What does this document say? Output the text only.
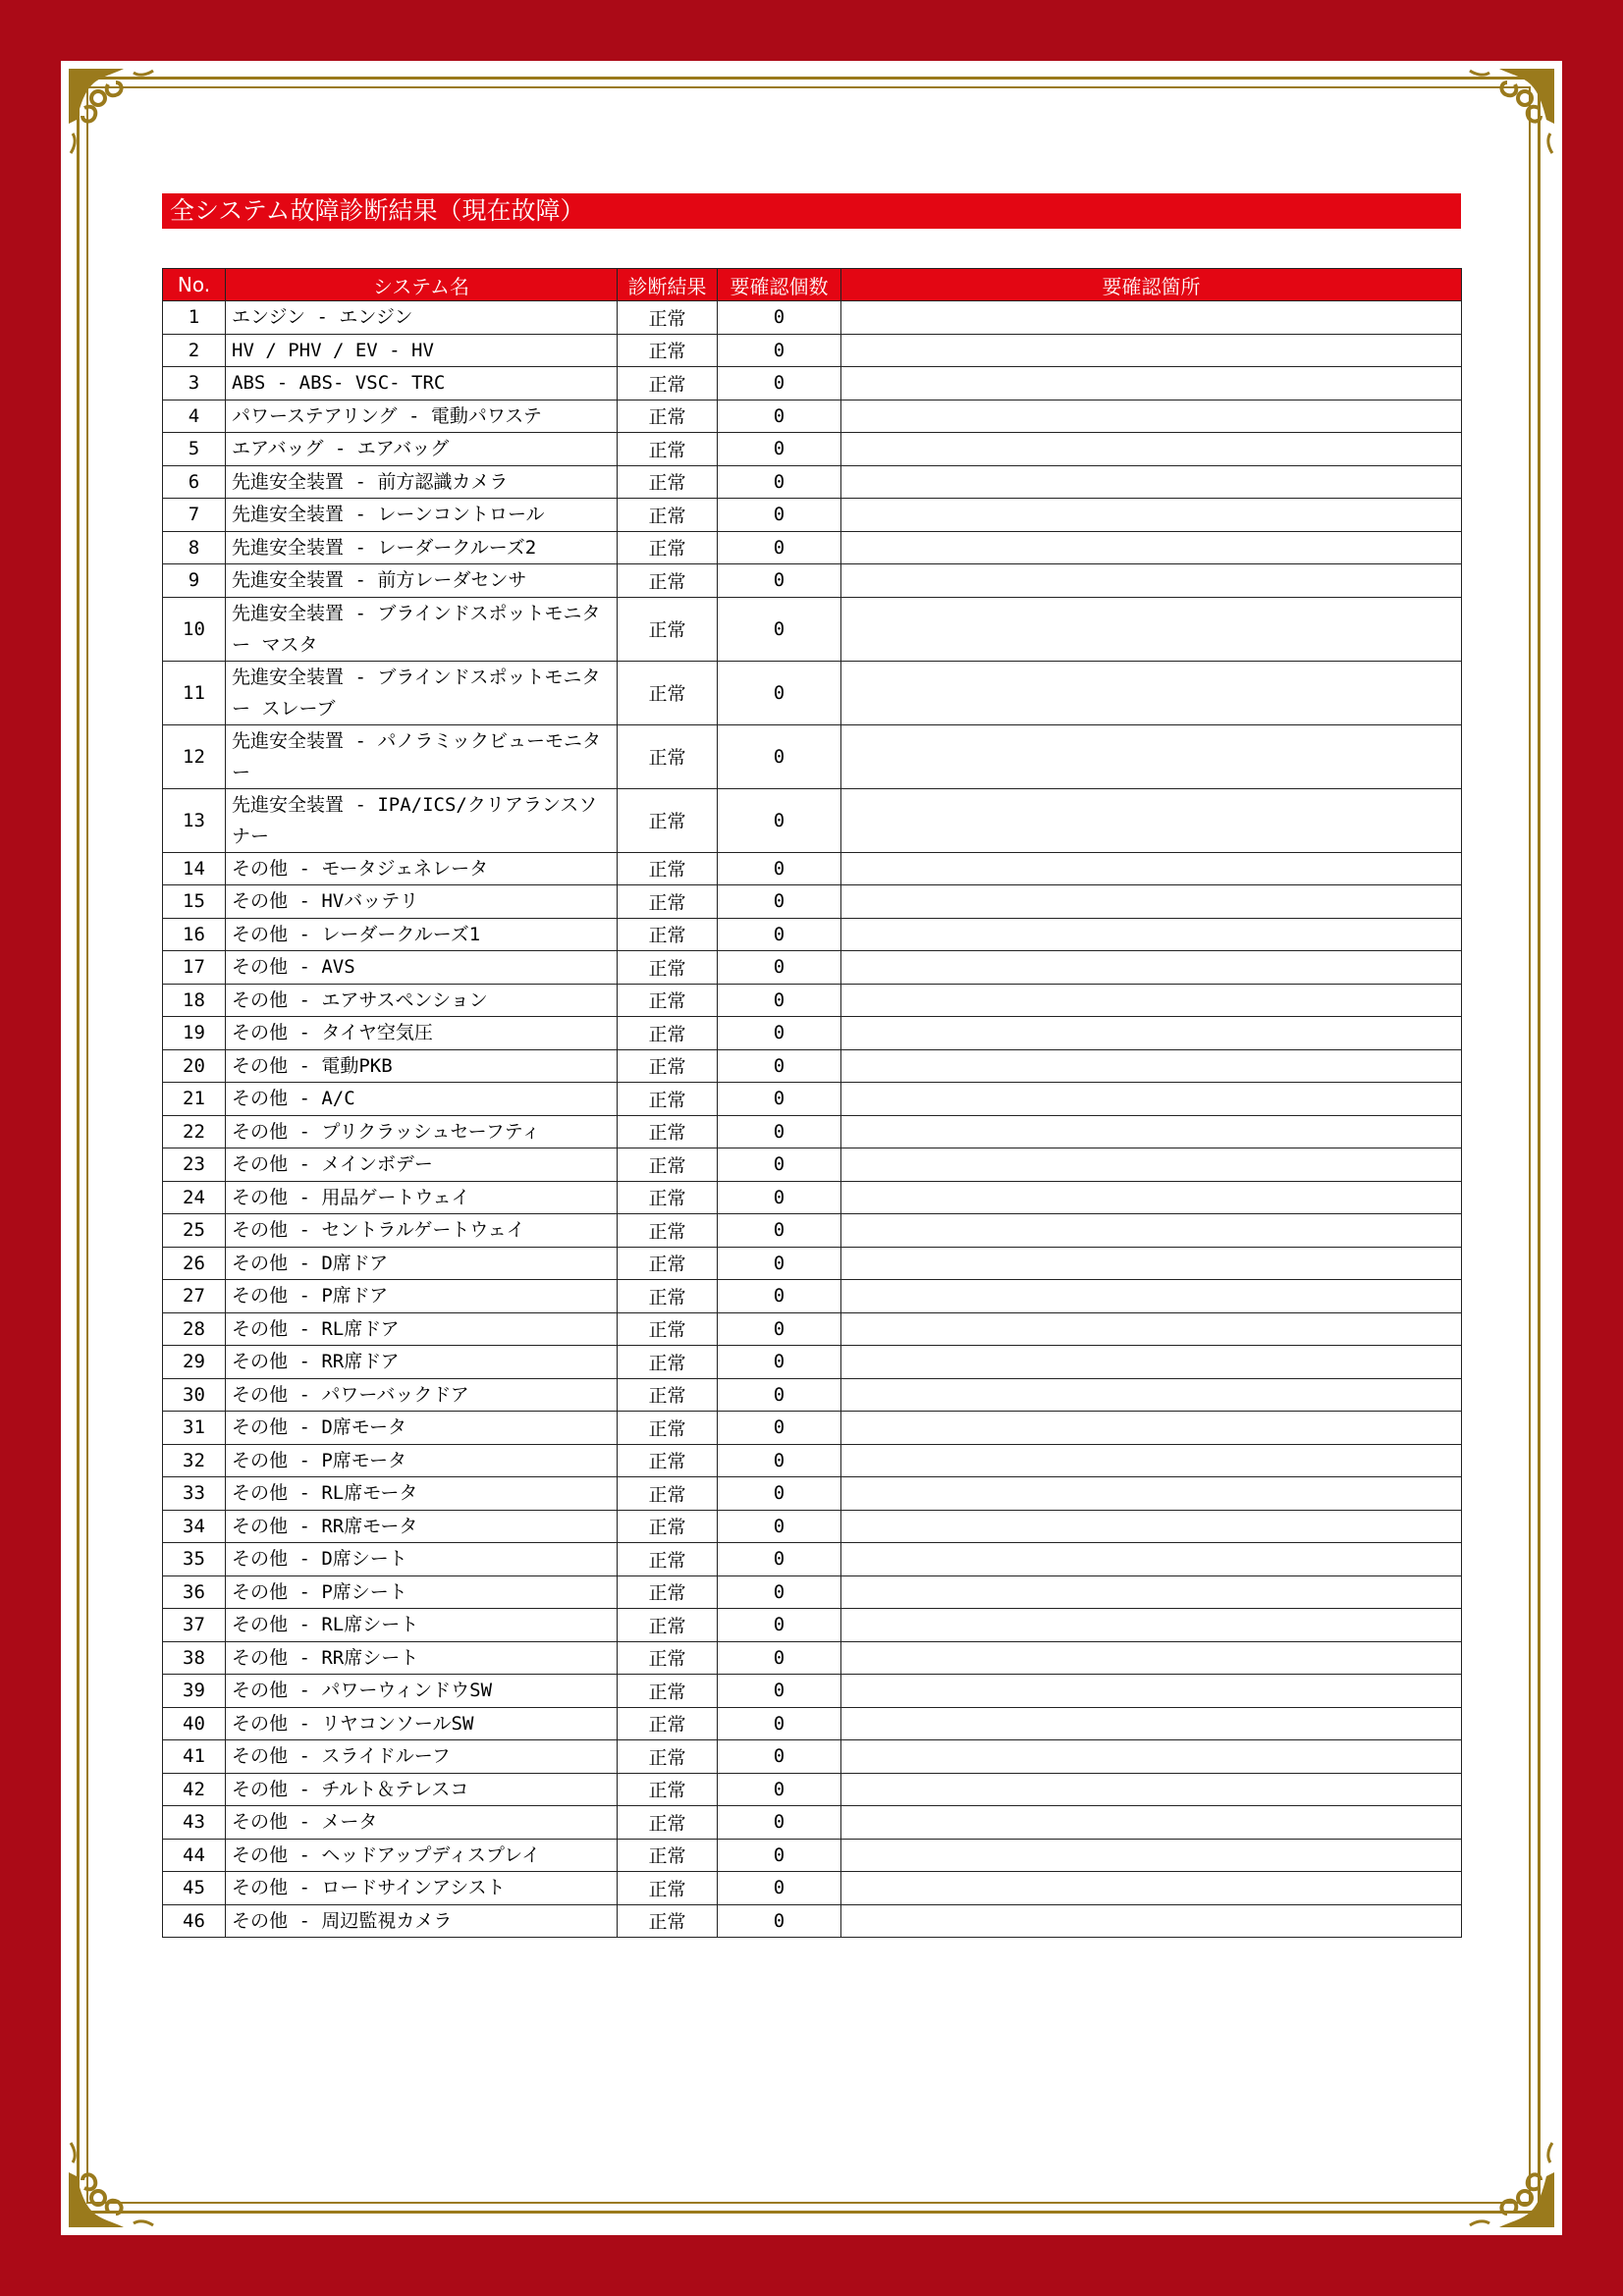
全システム故障診断結果（現在故障）
No.	システム名	診断結果	要確認個数	要確認箇所
1	エンジン - エンジン	正常	0	
2	HV / PHV / EV - HV	正常	0	
3	ABS - ABS- VSC- TRC	正常	0	
4	パワーステアリング - 電動パワステ	正常	0	
5	エアバッグ - エアバッグ	正常	0	
6	先進安全装置 - 前方認識カメラ	正常	0	
7	先進安全装置 - レーンコントロール	正常	0	
8	先進安全装置 - レーダークルーズ2	正常	0	
9	先進安全装置 - 前方レーダセンサ	正常	0	
10	先進安全装置 - ブラインドスポットモニター マスタ	正常	0	
11	先進安全装置 - ブラインドスポットモニター スレーブ	正常	0	
12	先進安全装置 - パノラミックビューモニター	正常	0	
13	先進安全装置 - IPA/ICS/クリアランスソナー	正常	0	
14	その他 - モータジェネレータ	正常	0	
15	その他 - HVバッテリ	正常	0	
16	その他 - レーダークルーズ1	正常	0	
17	その他 - AVS	正常	0	
18	その他 - エアサスペンション	正常	0	
19	その他 - タイヤ空気圧	正常	0	
20	その他 - 電動PKB	正常	0	
21	その他 - A/C	正常	0	
22	その他 - プリクラッシュセーフティ	正常	0	
23	その他 - メインボデー	正常	0	
24	その他 - 用品ゲートウェイ	正常	0	
25	その他 - セントラルゲートウェイ	正常	0	
26	その他 - D席ドア	正常	0	
27	その他 - P席ドア	正常	0	
28	その他 - RL席ドア	正常	0	
29	その他 - RR席ドア	正常	0	
30	その他 - パワーバックドア	正常	0	
31	その他 - D席モータ	正常	0	
32	その他 - P席モータ	正常	0	
33	その他 - RL席モータ	正常	0	
34	その他 - RR席モータ	正常	0	
35	その他 - D席シート	正常	0	
36	その他 - P席シート	正常	0	
37	その他 - RL席シート	正常	0	
38	その他 - RR席シート	正常	0	
39	その他 - パワーウィンドウSW	正常	0	
40	その他 - リヤコンソールSW	正常	0	
41	その他 - スライドルーフ	正常	0	
42	その他 - チルト＆テレスコ	正常	0	
43	その他 - メータ	正常	0	
44	その他 - ヘッドアップディスプレイ	正常	0	
45	その他 - ロードサインアシスト	正常	0	
46	その他 - 周辺監視カメラ	正常	0	
